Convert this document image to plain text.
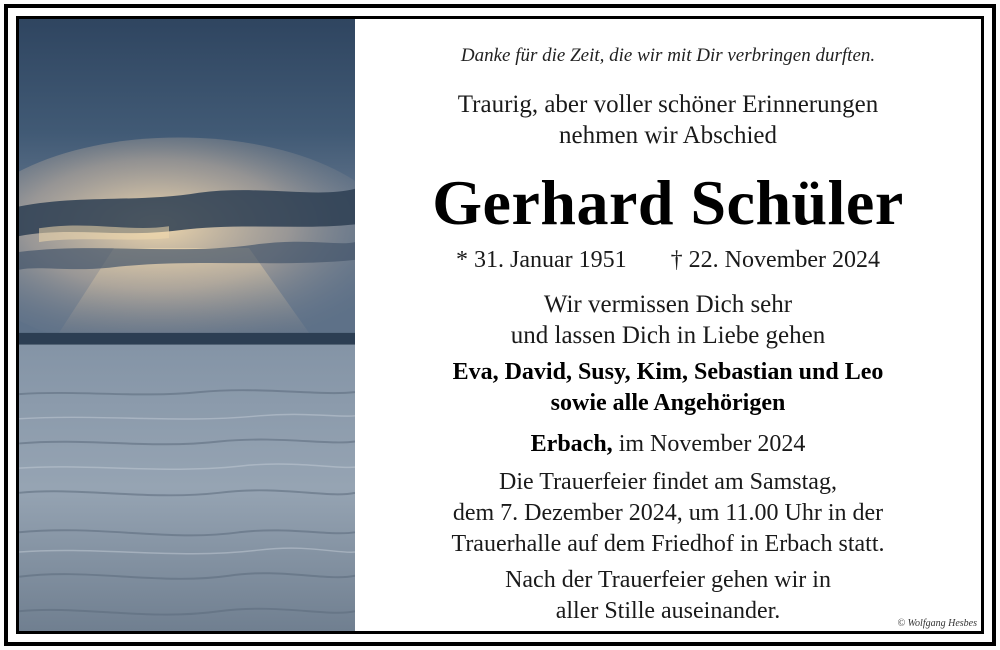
Danke für die Zeit, die wir mit Dir verbringen durften.
Traurig, aber voller schöner Erinnerungen
nehmen wir Abschied
Gerhard Schüler
* 31. Januar 1951 † 22. November 2024
Wir vermissen Dich sehr
und lassen Dich in Liebe gehen
Eva, David, Susy, Kim, Sebastian und Leo
sowie alle Angehörigen
Erbach, im November 2024
Die Trauerfeier findet am Samstag,
dem 7. Dezember 2024, um 11.00 Uhr in der
Trauerhalle auf dem Friedhof in Erbach statt.
Nach der Trauerfeier gehen wir in
aller Stille auseinander.	© Wolfgang Hesbes
